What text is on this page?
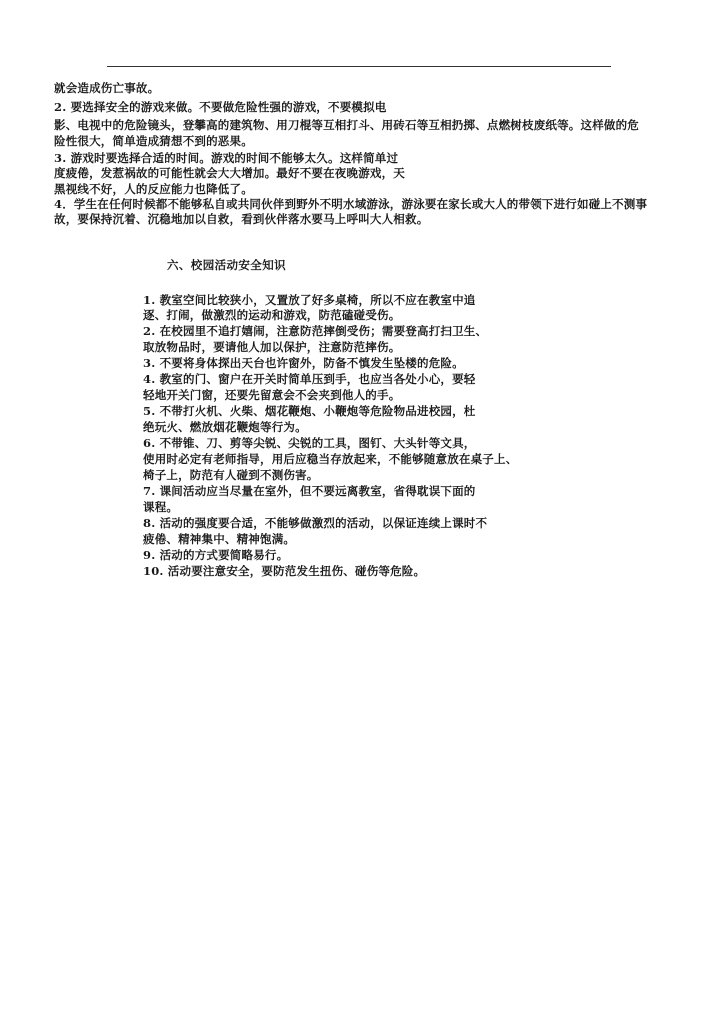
就会造成伤亡事故。
2. 要选择安全的游戏来做。不要做危险性强的游戏，不要模拟电
影、电视中的危险镜头，登攀高的建筑物、用刀棍等互相打斗、用砖石等互相扔掷、点燃树枝废纸等。这样做的危
险性很大，简单造成猜想不到的恶果。
3. 游戏时要选择合适的时间。游戏的时间不能够太久。这样简单过
度疲倦，发惹祸故的可能性就会大大增加。最好不要在夜晚游戏，天
黑视线不好，人的反应能力也降低了。
4．学生在任何时候都不能够私自或共同伙伴到野外不明水域游泳，游泳要在家长或大人的带领下进行如碰上不测事
故，要保持沉着、沉稳地加以自救，看到伙伴落水要马上呼叫大人相救。
六、校园活动安全知识
1. 教室空间比较狭小，又置放了好多桌椅，所以不应在教室中追
逐、打闹，做激烈的运动和游戏，防范磕碰受伤。
2. 在校园里不追打嬉闹，注意防范摔倒受伤；需要登高打扫卫生、
取放物品时，要请他人加以保护，注意防范摔伤。
3. 不要将身体探出天台也许窗外，防备不慎发生坠楼的危险。
4. 教室的门、窗户在开关时简单压到手，也应当各处小心，要轻
轻地开关门窗，还要先留意会不会夹到他人的手。
5. 不带打火机、火柴、烟花鞭炮、小鞭炮等危险物品进校园，杜
绝玩火、燃放烟花鞭炮等行为。
6. 不带锥、刀、剪等尖锐、尖锐的工具，图钉、大头针等文具，
使用时必定有老师指导，用后应稳当存放起来，不能够随意放在桌子上、
椅子上，防范有人碰到不测伤害。
7. 课间活动应当尽量在室外，但不要远离教室，省得耽误下面的
课程。
8. 活动的强度要合适，不能够做激烈的活动，以保证连续上课时不
疲倦、精神集中、精神饱满。
9. 活动的方式要简略易行。
10. 活动要注意安全，要防范发生扭伤、碰伤等危险。
